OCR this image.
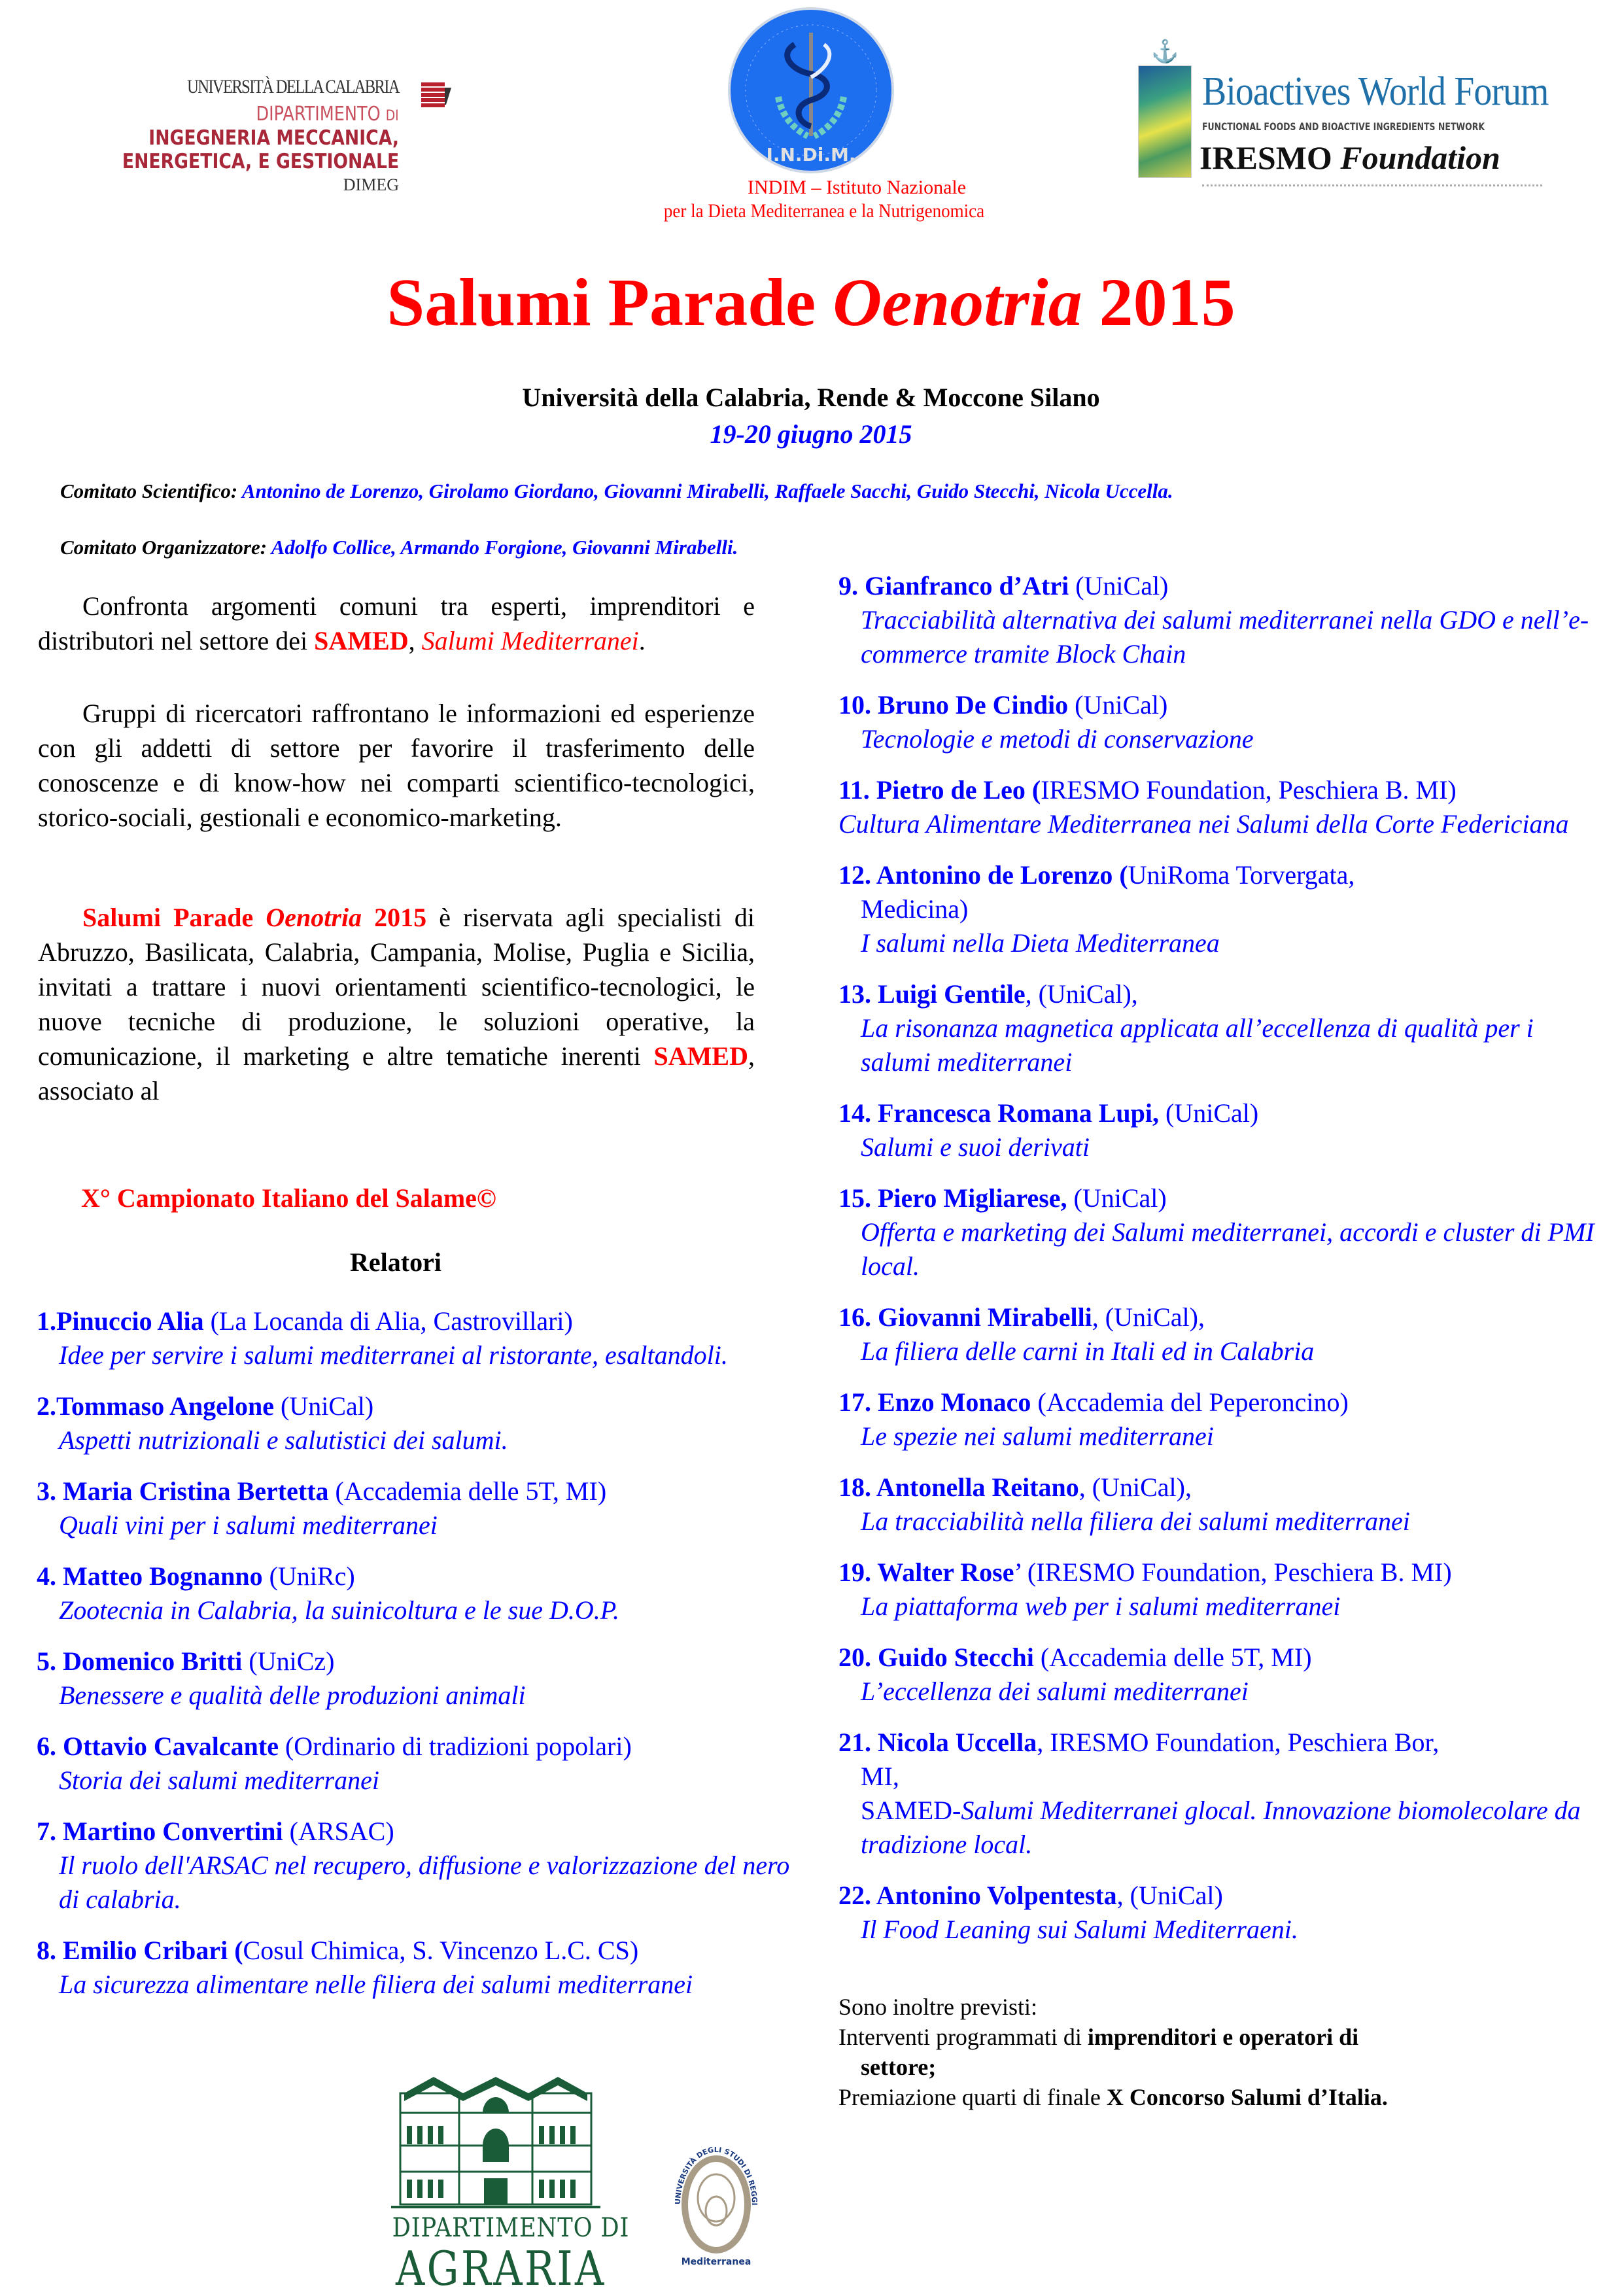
UNIVERSITÀ DELLA CALABRIA
DIPARTIMENTO DI
INGEGNERIA MECCANICA,
ENERGETICA, E GESTIONALE
DIMEG
I.N.Di.M.
INDIM – Istituto Nazionale
per la Dieta Mediterranea e la Nutrigenomica
⚓
Bioactives World Forum
FUNCTIONAL FOODS AND BIOACTIVE INGREDIENTS NETWORK
IRESMO Foundation
Salumi Parade Oenotria 2015
Università della Calabria, Rende & Moccone Silano
19-20 giugno 2015
Comitato Scientifico: Antonino de Lorenzo, Girolamo Giordano, Giovanni Mirabelli, Raffaele Sacchi, Guido Stecchi, Nicola Uccella.
Comitato Organizzatore: Adolfo Collice, Armando Forgione, Giovanni Mirabelli.
Confronta argomenti comuni tra esperti, imprenditori e distributori nel settore dei SAMED, Salumi Mediterranei.
Gruppi di ricercatori raffrontano le informazioni ed esperienze con gli addetti di settore per favorire il trasferimento delle conoscenze e di know-how nei comparti scientifico-tecnologici, storico-sociali, gestionali e economico-marketing.
Salumi Parade Oenotria 2015 è riservata agli specialisti di Abruzzo, Basilicata, Calabria, Campania, Molise, Puglia e Sicilia, invitati a trattare i nuovi orientamenti scientifico-tecnologici, le nuove tecniche di produzione, le soluzioni operative, la comunicazione, il marketing e altre tematiche inerenti SAMED, associato al
X° Campionato Italiano del Salame©
Relatori
1.Pinuccio Alia (La Locanda di Alia, Castrovillari)
Idee per servire i salumi mediterranei al ristorante, esaltandoli.
2.Tommaso Angelone (UniCal)
Aspetti nutrizionali e salutistici dei salumi.
3. Maria Cristina Bertetta (Accademia delle 5T, MI)
Quali vini per i salumi mediterranei
4. Matteo Bognanno (UniRc)
Zootecnia in Calabria, la suinicoltura e le sue D.O.P.
5. Domenico Britti (UniCz)
Benessere e qualità delle produzioni animali
6. Ottavio Cavalcante (Ordinario di tradizioni popolari)
Storia dei salumi mediterranei
7. Martino Convertini (ARSAC)
Il ruolo dell'ARSAC nel recupero, diffusione e valorizzazione del nero di calabria.
8. Emilio Cribari (Cosul Chimica, S. Vincenzo L.C. CS)
La sicurezza alimentare nelle filiera dei salumi mediterranei
9. Gianfranco d’Atri (UniCal)
Tracciabilità alternativa dei salumi mediterranei nella GDO e nell’e-commerce tramite Block Chain
10. Bruno De Cindio (UniCal)
Tecnologie e metodi di conservazione
11. Pietro de Leo (IRESMO Foundation, Peschiera B. MI)
Cultura Alimentare Mediterranea nei Salumi della Corte Federiciana
12. Antonino de Lorenzo (UniRoma Torvergata,
Medicina)
I salumi nella Dieta Mediterranea
13. Luigi Gentile, (UniCal),
La risonanza magnetica applicata all’eccellenza di qualità per i salumi mediterranei
14. Francesca Romana Lupi, (UniCal)
Salumi e suoi derivati
15. Piero Migliarese, (UniCal)
Offerta e marketing dei Salumi mediterranei, accordi e cluster di PMI local.
16. Giovanni Mirabelli, (UniCal),
La filiera delle carni in Itali ed in Calabria
17. Enzo Monaco (Accademia del Peperoncino)
Le spezie nei salumi mediterranei
18. Antonella Reitano, (UniCal),
La tracciabilità nella filiera dei salumi mediterranei
19. Walter Rose’ (IRESMO Foundation, Peschiera B. MI)
La piattaforma web per i salumi mediterranei
20. Guido Stecchi (Accademia delle 5T, MI)
L’eccellenza dei salumi mediterranei
21. Nicola Uccella, IRESMO Foundation, Peschiera Bor,
MI,
SAMED-Salumi Mediterranei glocal. Innovazione biomolecolare da tradizione local.
22. Antonino Volpentesta, (UniCal)
Il Food Leaning sui Salumi Mediterraeni.
Sono inoltre previsti:
Interventi programmati di imprenditori e operatori di
settore;
Premiazione quarti di finale X Concorso Salumi d’Italia.
DIPARTIMENTO DI
AGRARIA
UNIVERSITÀ DEGLI STUDI DI REGGI
Mediterranea
